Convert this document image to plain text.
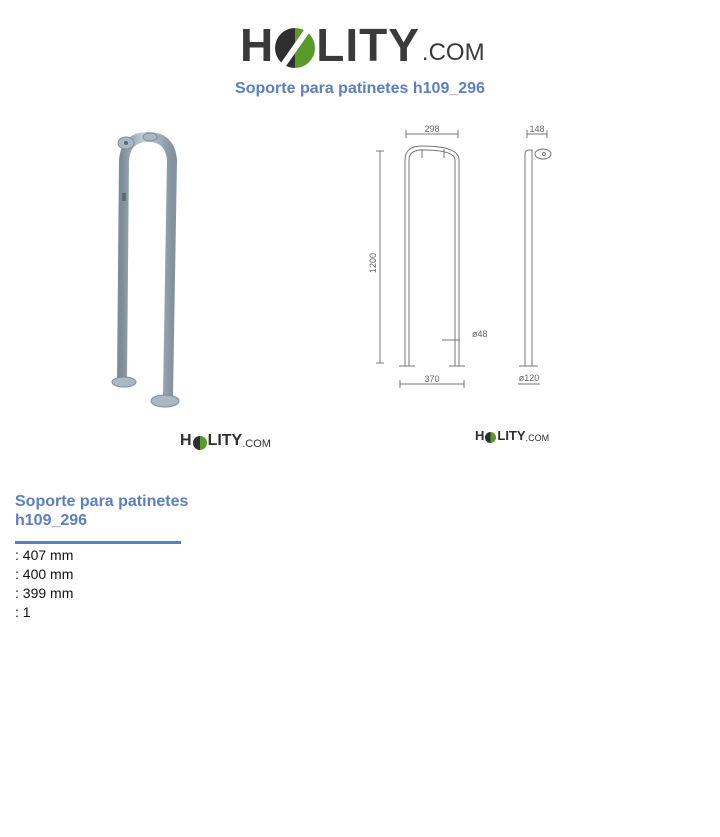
H LITY .COM
Soporte para patinetes h109_296
298	148
1200
ø48
370	ø120
H LITY .COM
H LITY .COM
Soporte para patinetes h109_296
: 407 mm
: 400 mm
: 399 mm
: 1
